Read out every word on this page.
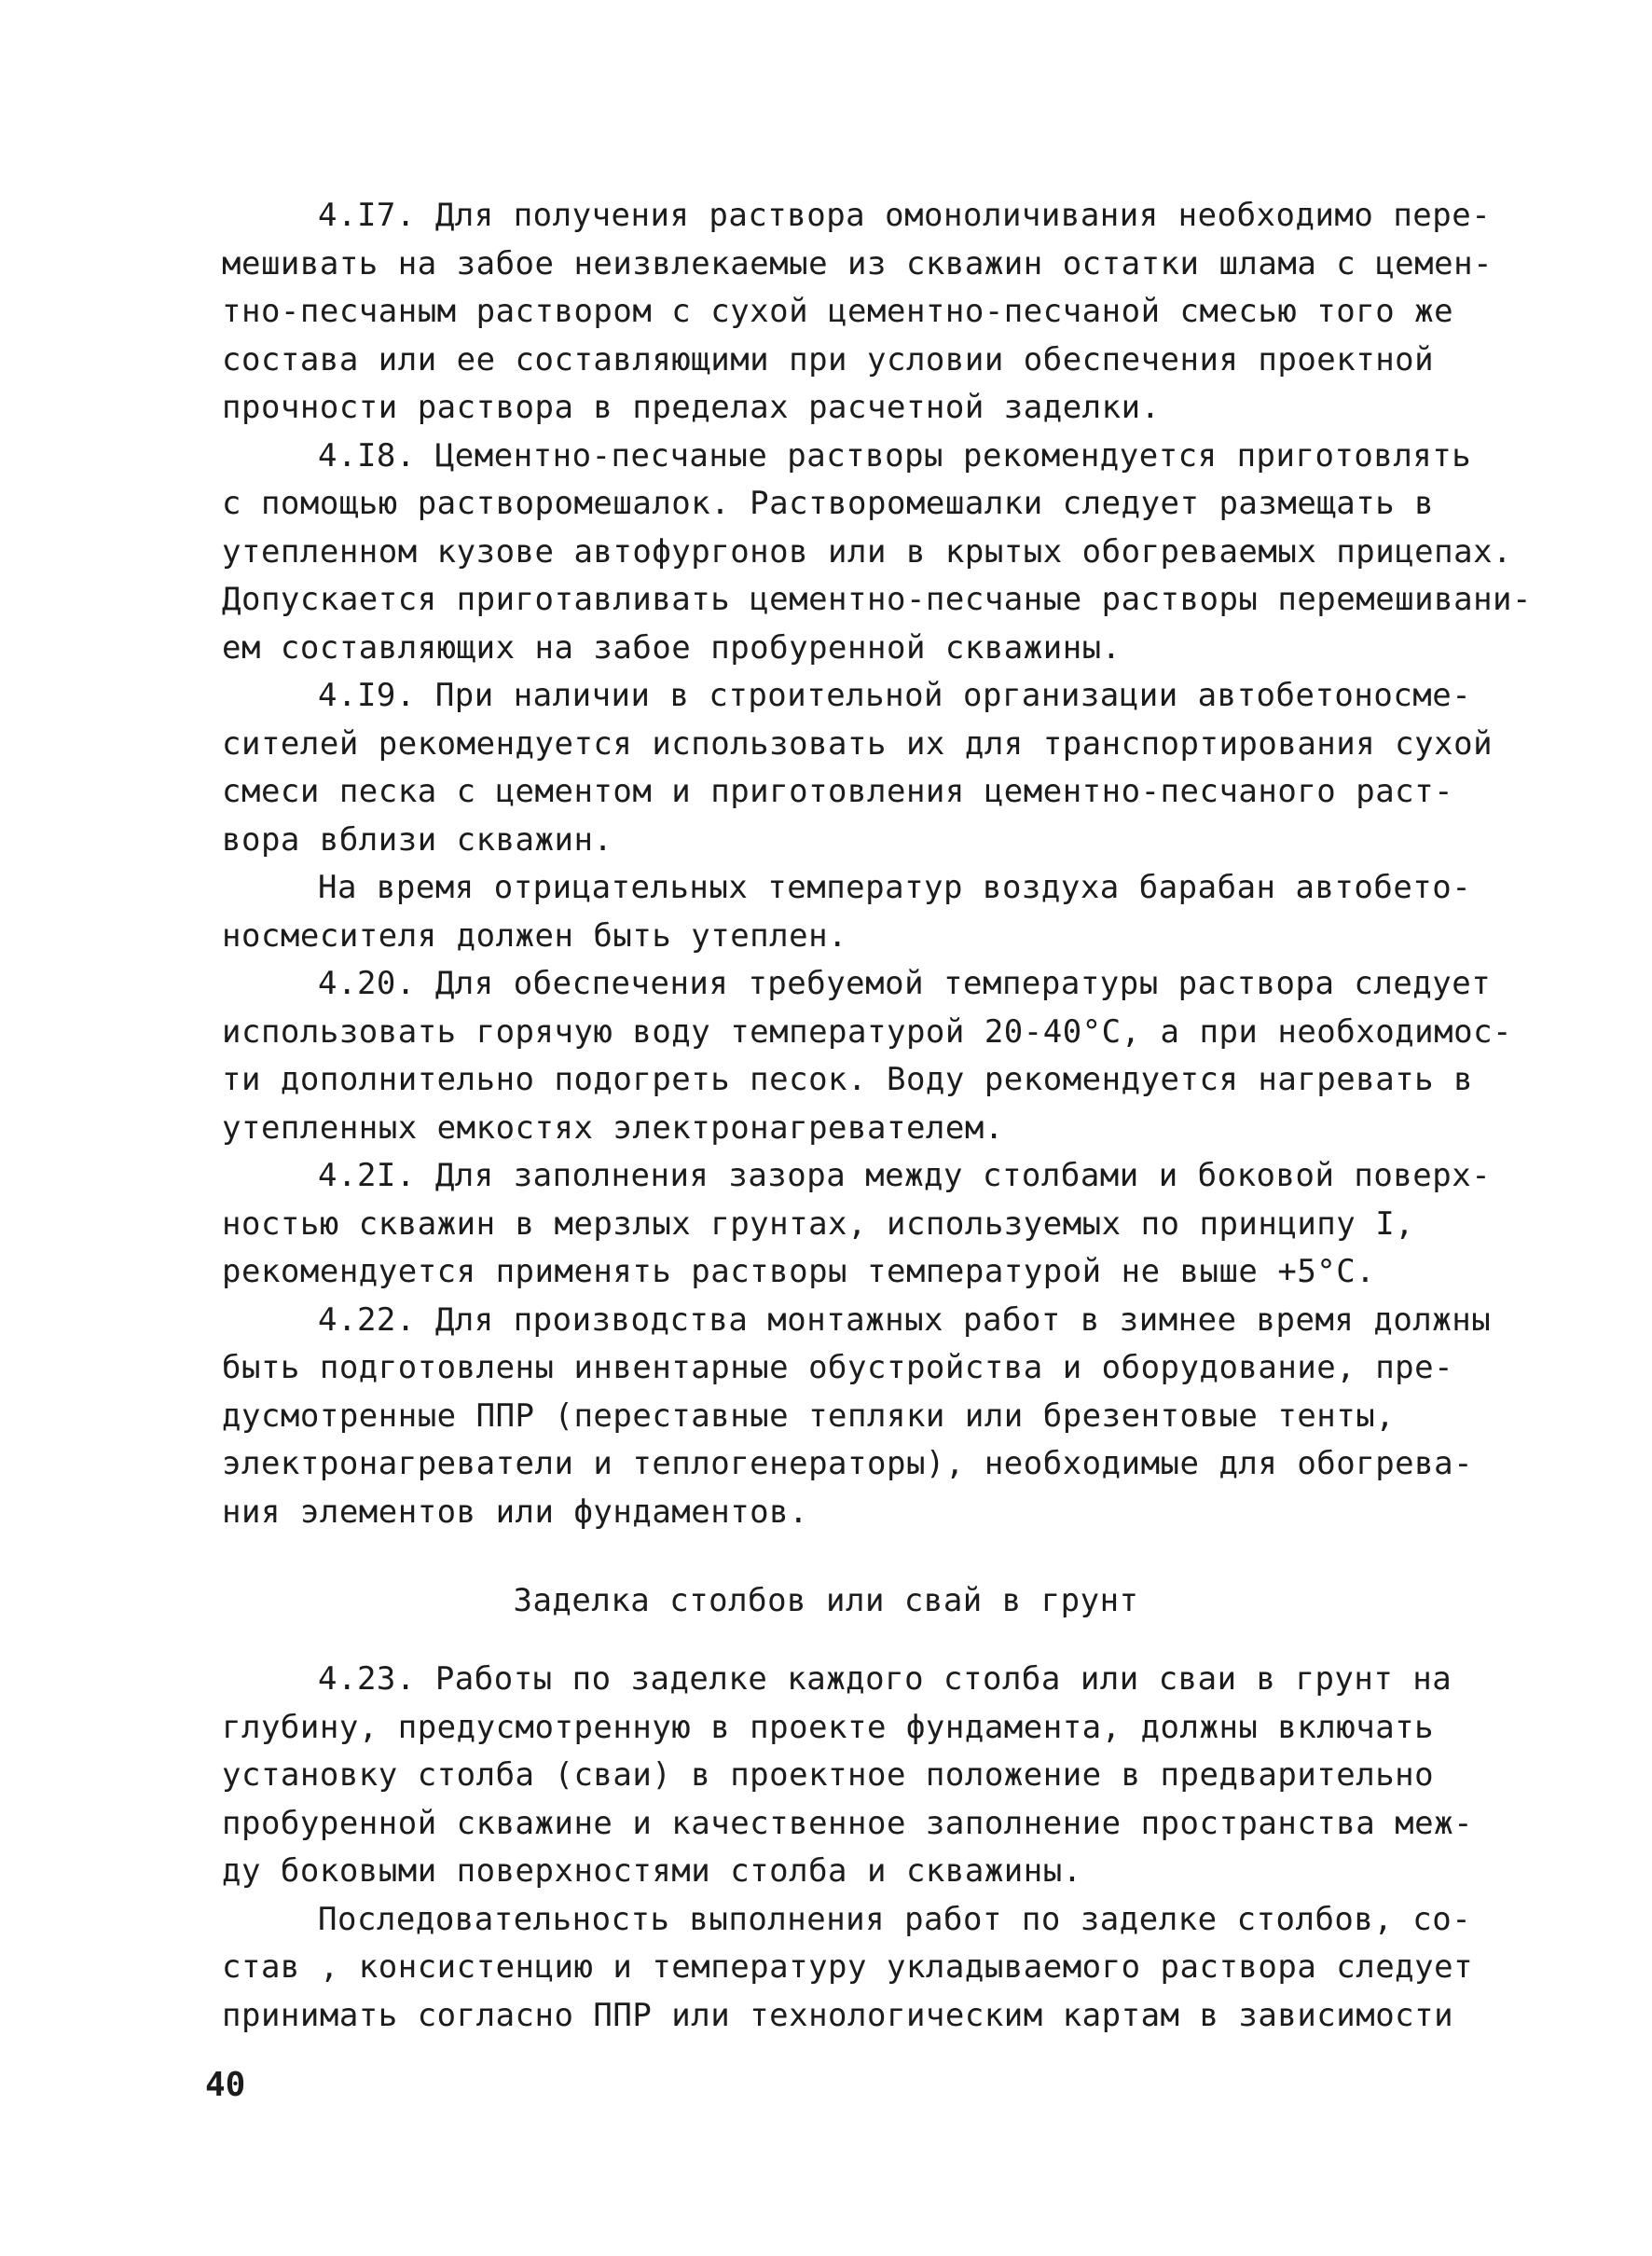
4.I7. Для получения раствора омоноличивания необходимо пере-
мешивать на забое неизвлекаемые из скважин остатки шлама с цемен-
тно-песчаным раствором с сухой цементно-песчаной смесью того же
состава или ее составляющими при условии обеспечения проектной
прочности раствора в пределах расчетной заделки.
4.I8. Цементно-песчаные растворы рекомендуется приготовлять
с помощью растворомешалок. Растворомешалки следует размещать в
утепленном кузове автофургонов или в крытых обогреваемых прицепах.
Допускается приготавливать цементно-песчаные растворы перемешивани-
ем составляющих на забое пробуренной скважины.
4.I9. При наличии в строительной организации автобетоносме-
сителей рекомендуется использовать их для транспортирования сухой
смеси песка с цементом и приготовления цементно-песчаного раст-
вора вблизи скважин.
На время отрицательных температур воздуха барабан автобето-
носмесителя должен быть утеплен.
4.20. Для обеспечения требуемой температуры раствора следует
использовать горячую воду температурой 20-40°С, а при необходимос-
ти дополнительно подогреть песок. Воду рекомендуется нагревать в
утепленных емкостях электронагревателем.
4.2I. Для заполнения зазора между столбами и боковой поверх-
ностью скважин в мерзлых грунтах, используемых по принципу I,
рекомендуется применять растворы температурой не выше +5°С.
4.22. Для производства монтажных работ в зимнее время должны
быть подготовлены инвентарные обустройства и оборудование, пре-
дусмотренные ППР (переставные тепляки или брезентовые тенты,
электронагреватели и теплогенераторы), необходимые для обогрева-
ния элементов или фундаментов.
Заделка столбов или свай в грунт
4.23. Работы по заделке каждого столба или сваи в грунт на
глубину, предусмотренную в проекте фундамента, должны включать
установку столба (сваи) в проектное положение в предварительно
пробуренной скважине и качественное заполнение пространства меж-
ду боковыми поверхностями столба и скважины.
Последовательность выполнения работ по заделке столбов, со-
став , консистенцию и температуру укладываемого раствора следует
принимать согласно ППР или технологическим картам в зависимости
40
